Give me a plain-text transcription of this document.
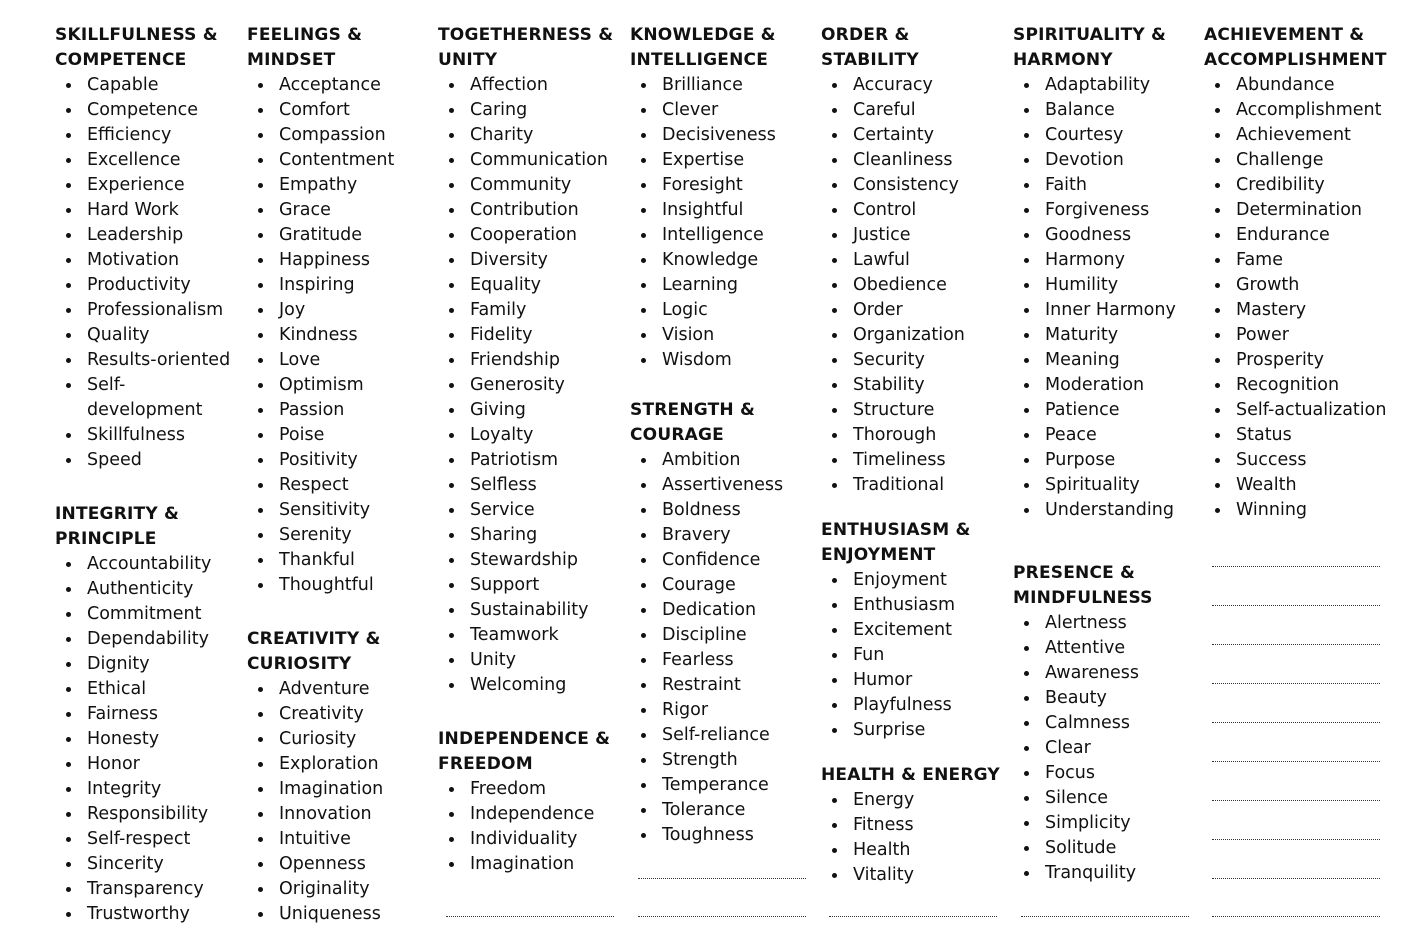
SKILLFULNESS &
COMPETENCE
Capable
Competence
Efficiency
Excellence
Experience
Hard Work
Leadership
Motivation
Productivity
Professionalism
Quality
Results-oriented
Self-
development
Skillfulness
Speed
INTEGRITY &
PRINCIPLE
Accountability
Authenticity
Commitment
Dependability
Dignity
Ethical
Fairness
Honesty
Honor
Integrity
Responsibility
Self-respect
Sincerity
Transparency
Trustworthy
FEELINGS &
MINDSET
Acceptance
Comfort
Compassion
Contentment
Empathy
Grace
Gratitude
Happiness
Inspiring
Joy
Kindness
Love
Optimism
Passion
Poise
Positivity
Respect
Sensitivity
Serenity
Thankful
Thoughtful
CREATIVITY &
CURIOSITY
Adventure
Creativity
Curiosity
Exploration
Imagination
Innovation
Intuitive
Openness
Originality
Uniqueness
TOGETHERNESS &
UNITY
Affection
Caring
Charity
Communication
Community
Contribution
Cooperation
Diversity
Equality
Family
Fidelity
Friendship
Generosity
Giving
Loyalty
Patriotism
Selfless
Service
Sharing
Stewardship
Support
Sustainability
Teamwork
Unity
Welcoming
INDEPENDENCE &
FREEDOM
Freedom
Independence
Individuality
Imagination
KNOWLEDGE &
INTELLIGENCE
Brilliance
Clever
Decisiveness
Expertise
Foresight
Insightful
Intelligence
Knowledge
Learning
Logic
Vision
Wisdom
STRENGTH &
COURAGE
Ambition
Assertiveness
Boldness
Bravery
Confidence
Courage
Dedication
Discipline
Fearless
Restraint
Rigor
Self-reliance
Strength
Temperance
Tolerance
Toughness
ORDER &
STABILITY
Accuracy
Careful
Certainty
Cleanliness
Consistency
Control
Justice
Lawful
Obedience
Order
Organization
Security
Stability
Structure
Thorough
Timeliness
Traditional
ENTHUSIASM &
ENJOYMENT
Enjoyment
Enthusiasm
Excitement
Fun
Humor
Playfulness
Surprise
HEALTH & ENERGY
Energy
Fitness
Health
Vitality
SPIRITUALITY &
HARMONY
Adaptability
Balance
Courtesy
Devotion
Faith
Forgiveness
Goodness
Harmony
Humility
Inner Harmony
Maturity
Meaning
Moderation
Patience
Peace
Purpose
Spirituality
Understanding
PRESENCE &
MINDFULNESS
Alertness
Attentive
Awareness
Beauty
Calmness
Clear
Focus
Silence
Simplicity
Solitude
Tranquility
ACHIEVEMENT &
ACCOMPLISHMENT
Abundance
Accomplishment
Achievement
Challenge
Credibility
Determination
Endurance
Fame
Growth
Mastery
Power
Prosperity
Recognition
Self-actualization
Status
Success
Wealth
Winning
